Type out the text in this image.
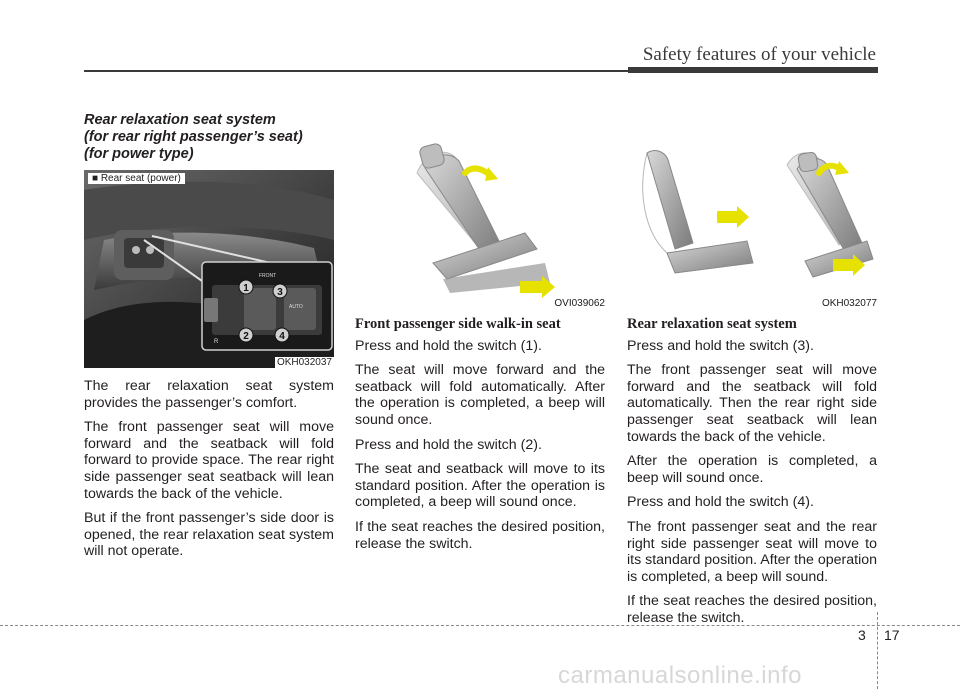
Safety features of your vehicle
Rear relaxation seat system
(for rear right passenger’s seat)
(for power type)
FRONT
AUTO
R
1
2
3
4
■ Rear seat (power)
OKH032037

The rear relaxation seat system provides the passenger’s comfort.

The front passenger seat will move forward and the seatback will fold forward to provide space. The rear right side passenger seat seatback will lean towards the back of the vehicle.

But if the front passenger’s side door is opened, the rear relaxation seat system will not operate.

OVI039062
Front passenger side walk-in seat

Press and hold the switch (1).

The seat will move forward and the seatback will fold automatically. After the operation is completed, a beep will sound once.

Press and hold the switch (2).

The seat and seatback will move to its standard position. After the operation is completed, a beep will sound once.

If the seat reaches the desired position, release the switch.

OKH032077
Rear relaxation seat system

Press and hold the switch (3).

The front passenger seat will move forward and the seatback will fold automatically. Then the rear right side passenger seat seatback will lean towards the back of the vehicle.

After the operation is completed, a beep will sound once.

Press and hold the switch (4).

The front passenger seat and the rear right side passenger seat will move to its standard position. After the operation is completed, a beep will sound.

If the seat reaches the desired position, release the switch.

3 17
carmanualsonline.info
